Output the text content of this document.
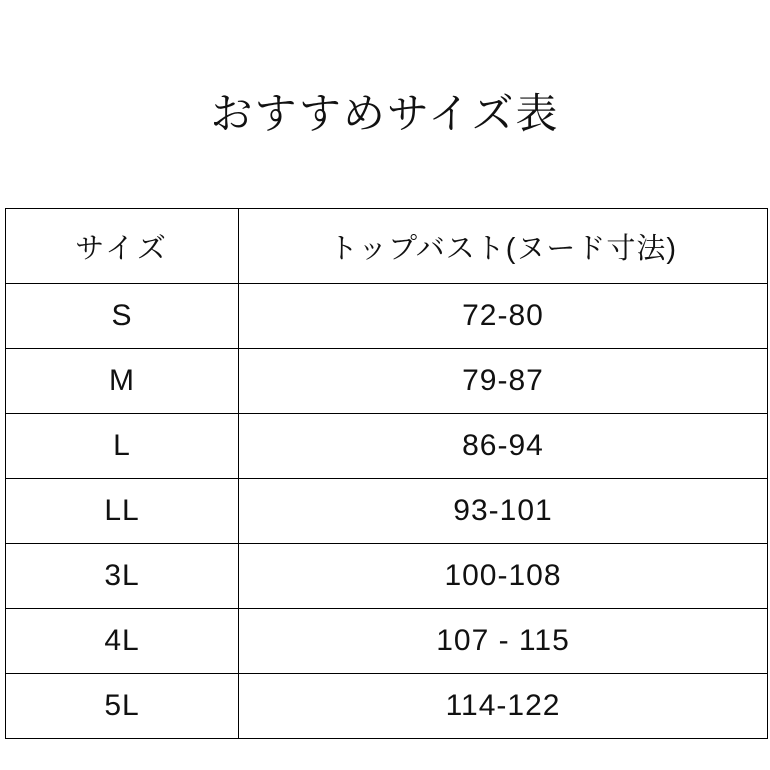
おすすめサイズ表
サイズ	トップバスト(ヌード寸法)
S	72-80
M	79-87
L	86-94
LL	93-101
3L	100-108
4L	107 - 115
5L	114-122
